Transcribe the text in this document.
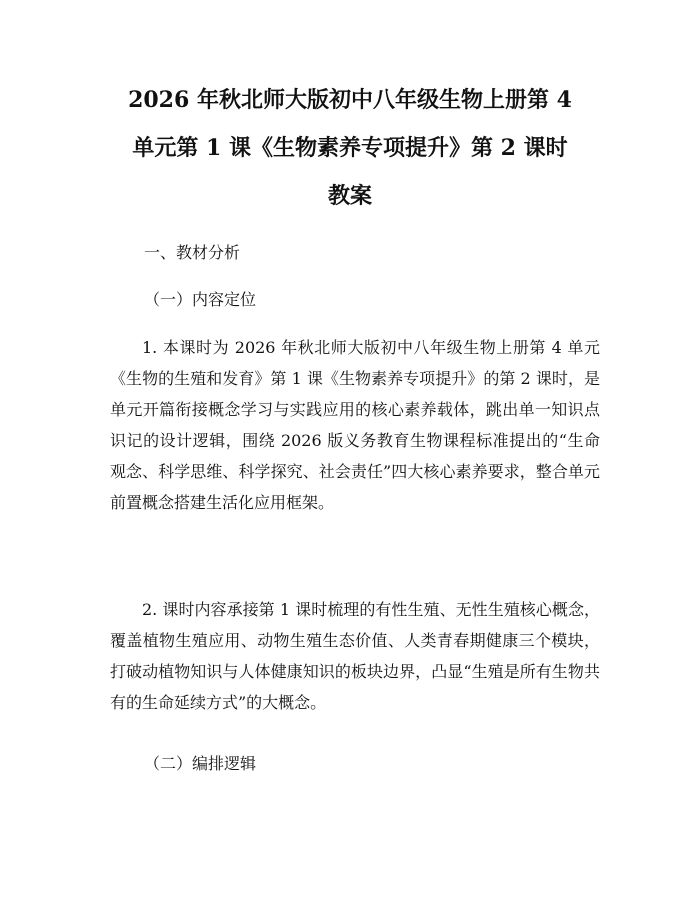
2026 年秋北师大版初中八年级生物上册第 4
单元第 1 课《生物素养专项提升》第 2 课时
教案
一、教材分析
（一）内容定位

1. 本课时为 2026 年秋北师大版初中八年级生物上册第 4 单元《生物的生殖和发育》第 1 课《生物素养专项提升》的第 2 课时，是单元开篇衔接概念学习与实践应用的核心素养载体，跳出单一知识点识记的设计逻辑，围绕 2026 版义务教育生物课程标准提出的“生命观念、科学思维、科学探究、社会责任”四大核心素养要求，整合单元前置概念搭建生活化应用框架。

2. 课时内容承接第 1 课时梳理的有性生殖、无性生殖核心概念，覆盖植物生殖应用、动物生殖生态价值、人类青春期健康三个模块，打破动植物知识与人体健康知识的板块边界，凸显“生殖是所有生物共有的生命延续方式”的大概念。

（二）编排逻辑
